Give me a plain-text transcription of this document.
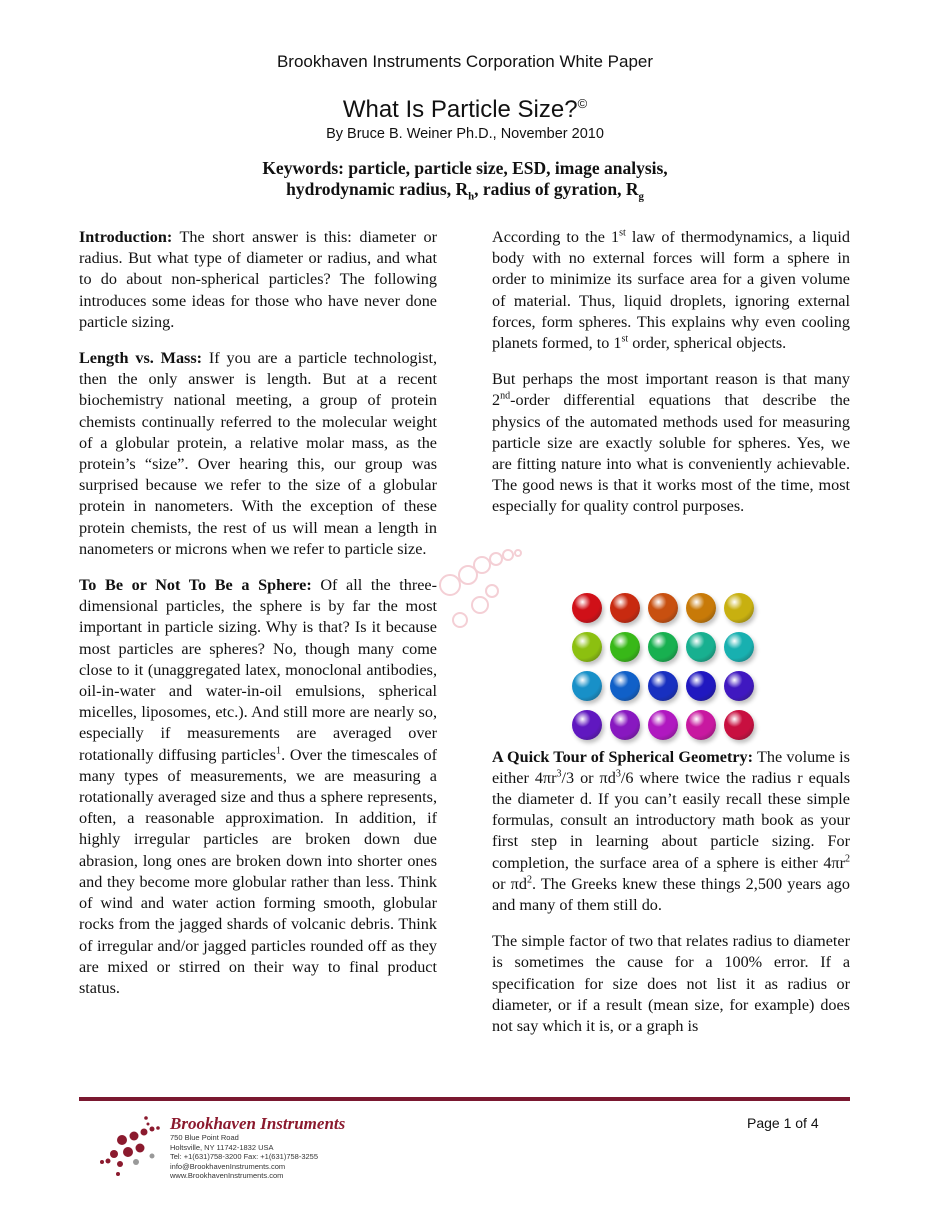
Brookhaven Instruments Corporation White Paper
What Is Particle Size?©
By Bruce B. Weiner Ph.D., November 2010
Keywords: particle, particle size, ESD, image analysis,
hydrodynamic radius, $R_h$, radius of gyration, $R_g$

Introduction: The short answer is this: diameter or radius. But what type of diameter or radius, and what to do about non-spherical particles? The following introduces some ideas for those who have never done particle sizing.

Length vs. Mass: If you are a particle technologist, then the only answer is length. But at a recent biochemistry national meeting, a group of protein chemists continually referred to the molecular weight of a globular protein, a relative molar mass, as the protein’s “size”. Over hearing this, our group was surprised because we refer to the size of a globular protein in nanometers. With the exception of these protein chemists, the rest of us will mean a length in nanometers or microns when we refer to particle size.

To Be or Not To Be a Sphere: Of all the three-dimensional particles, the sphere is by far the most important in particle sizing. Why is that? Is it because most particles are spheres? No, though many come close to it (unaggregated latex, monoclonal antibodies, oil-in-water and water-in-oil emulsions, spherical micelles, liposomes, etc.). And still more are nearly so, especially if measurements are averaged over rotationally diffusing particles$^1$. Over the timescales of many types of measurements, we are measuring a rotationally averaged size and thus a sphere represents, often, a reasonable approximation. In addition, if highly irregular particles are broken down due abrasion, long ones are broken down into shorter ones and they become more globular rather than less. Think of wind and water action forming smooth, globular rocks from the jagged shards of volcanic debris. Think of irregular and/or jagged particles rounded off as they are mixed or stirred on their way to final product status.

According to the 1st law of thermodynamics, a liquid body with no external forces will form a sphere in order to minimize its surface area for a given volume of material. Thus, liquid droplets, ignoring external forces, form spheres. This explains why even cooling planets formed, to 1st order, spherical objects.

But perhaps the most important reason is that many 2nd-order differential equations that describe the physics of the automated methods used for measuring particle size are exactly soluble for spheres. Yes, we are fitting nature into what is conveniently achievable. The good news is that it works most of the time, most especially for quality control purposes.

A Quick Tour of Spherical Geometry: The volume is either $4\pi r^3/3$ or $\pi d^3/6$ where twice the radius r equals the diameter d. If you can’t easily recall these simple formulas, consult an introductory math book as your first step in learning about particle sizing. For completion, the surface area of a sphere is either $4\pi r^2$ or $\pi d^2$. The Greeks knew these things 2,500 years ago and many of them still do.

The simple factor of two that relates radius to diameter is sometimes the cause for a 100% error. If a specification for size does not list it as radius or diameter, or if a result (mean size, for example) does not say which it is, or a graph is

Brookhaven Instruments
750 Blue Point Road
Holtsville, NY 11742-1832 USA
Tel: +1(631)758-3200 Fax: +1(631)758-3255
info@BrookhavenInstruments.com
www.BrookhavenInstruments.com
Page 1 of 4
